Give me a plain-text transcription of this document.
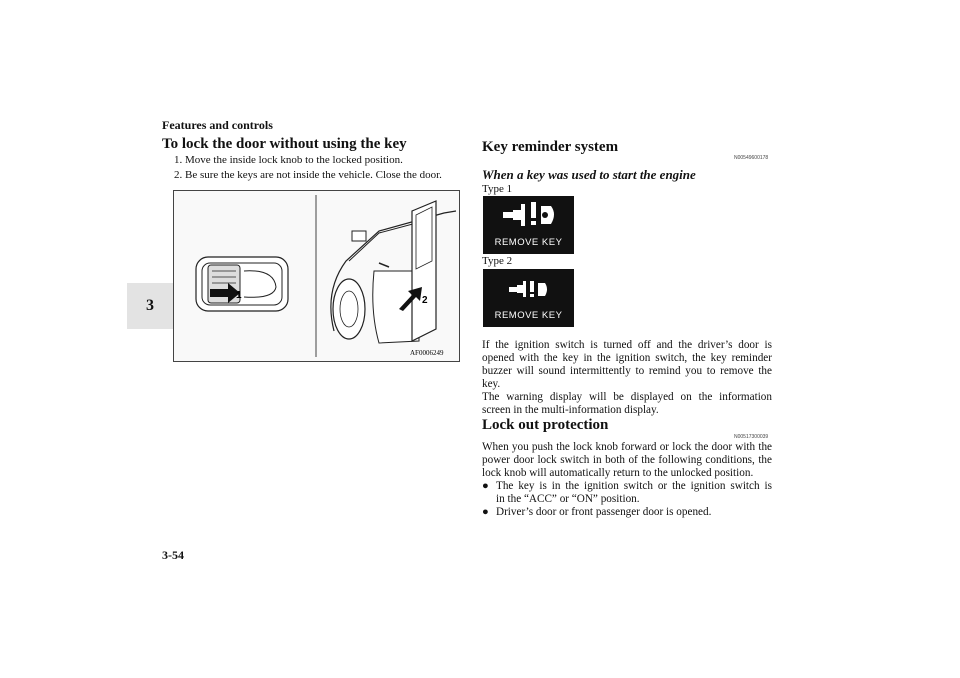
Features and controls
3
To lock the door without using the key
1. Move the inside lock knob to the locked position.
2. Be sure the keys are not inside the vehicle. Close the door.
1	2
AF0006249
Key reminder system
N00549600178
When a key was used to start the engine
Type 1
REMOVE KEY
Type 2
REMOVE KEY
If the ignition switch is turned off and the driver’s door is
opened with the key in the ignition switch, the key reminder
buzzer will sound intermittently to remind you to remove the
key.
The warning display will be displayed on the information
screen in the multi-information display.
Lock out protection
N00517300039
When you push the lock knob forward or lock the door with the
power door lock switch in both of the following conditions, the
lock knob will automatically return to the unlocked position.
● The key is in the ignition switch or the ignition switch is
in the “ACC” or “ON” position.
● Driver’s door or front passenger door is opened.
3-54
